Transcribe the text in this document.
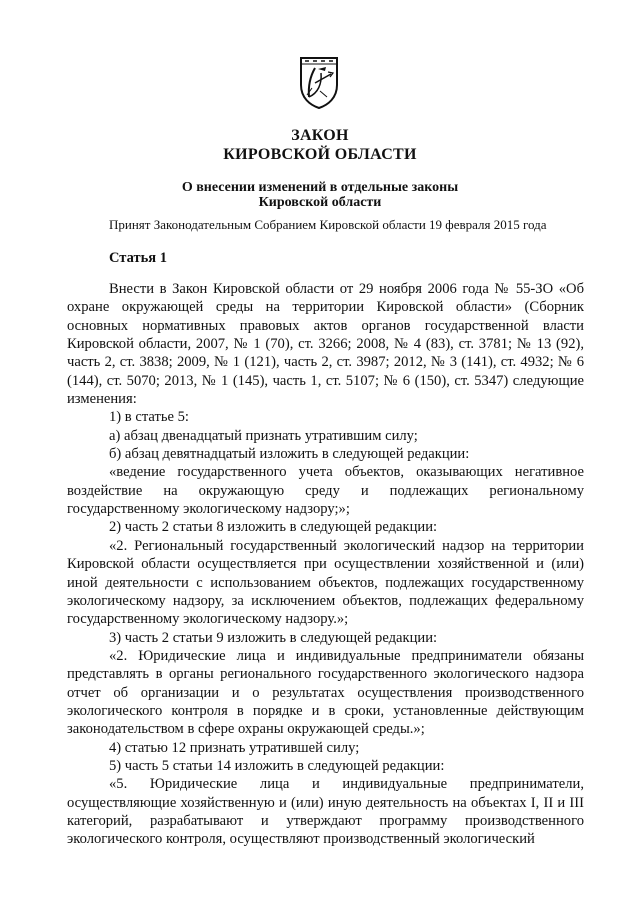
ЗАКОН
КИРОВСКОЙ ОБЛАСТИ
О внесении изменений в отдельные законы
Кировской области
Принят Законодательным Собранием Кировской области 19 февраля 2015 года
Статья 1

Внести в Закон Кировской области от 29 ноября 2006 года № 55-ЗО «Об охране окружающей среды на территории Кировской области» (Сборник основных нормативных правовых актов органов государственной власти Кировской области, 2007, № 1 (70), ст. 3266; 2008, № 4 (83), ст. 3781; № 13 (92), часть 2, ст. 3838; 2009, № 1 (121), часть 2, ст. 3987; 2012, № 3 (141), ст. 4932; № 6 (144), ст. 5070; 2013, № 1 (145), часть 1, ст. 5107; № 6 (150), ст. 5347) следующие изменения:

1) в статье 5:

а) абзац двенадцатый признать утратившим силу;

б) абзац девятнадцатый изложить в следующей редакции:

«ведение государственного учета объектов, оказывающих негативное воздействие на окружающую среду и подлежащих региональному государственному экологическому надзору;»;

2) часть 2 статьи 8 изложить в следующей редакции:

«2. Региональный государственный экологический надзор на территории Кировской области осуществляется при осуществлении хозяйственной и (или) иной деятельности с использованием объектов, подлежащих государственному экологическому надзору, за исключением объектов, подлежащих федеральному государственному экологическому надзору.»;

3) часть 2 статьи 9 изложить в следующей редакции:

«2. Юридические лица и индивидуальные предприниматели обязаны представлять в органы регионального государственного экологического надзора отчет об организации и о результатах осуществления производственного экологического контроля в порядке и в сроки, установленные действующим законодательством в сфере охраны окружающей среды.»;

4) статью 12 признать утратившей силу;

5) часть 5 статьи 14 изложить в следующей редакции:

«5. Юридические лица и индивидуальные предприниматели, осуществляющие хозяйственную и (или) иную деятельность на объектах I, II и III категорий, разрабатывают и утверждают программу производственного экологического контроля, осуществляют производственный экологический
